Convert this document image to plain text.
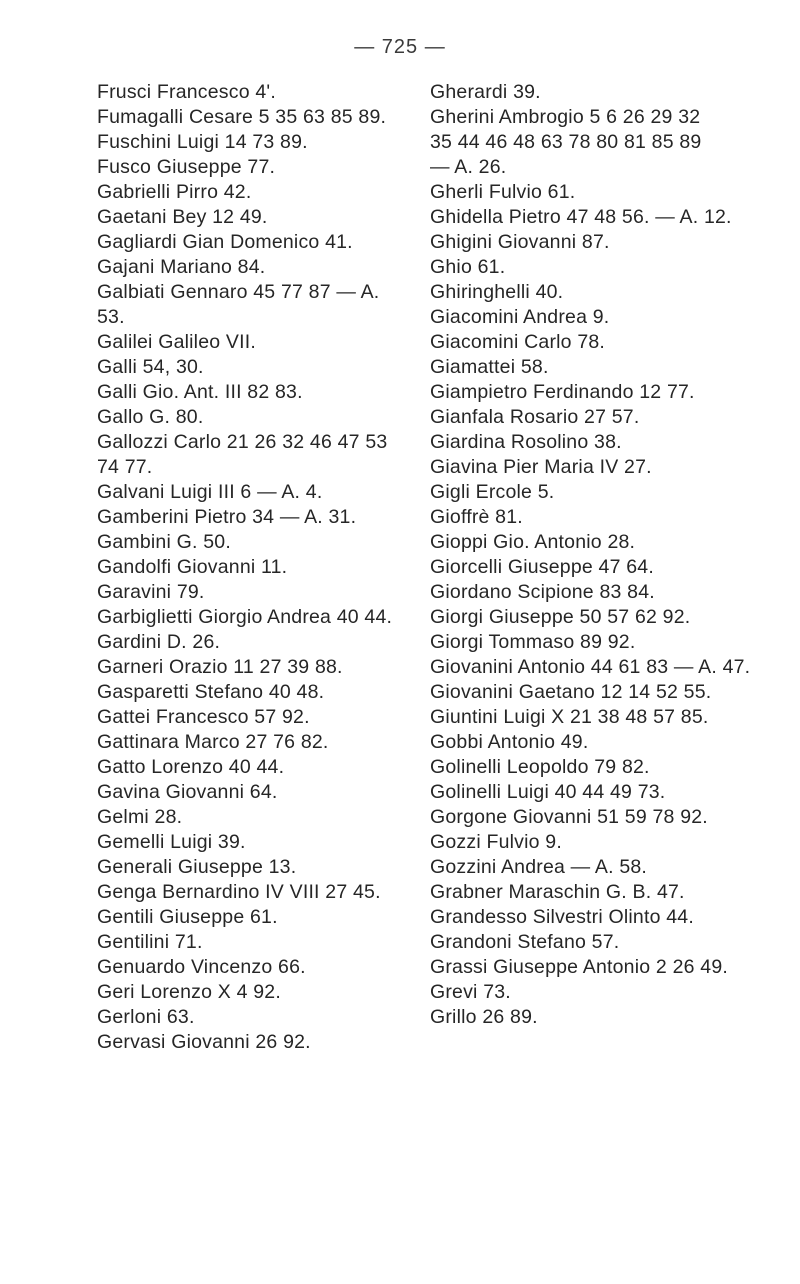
— 725 —
Frusci Francesco 4'.
Fumagalli Cesare 5 35 63 85 89.
Fuschini Luigi 14 73 89.
Fusco Giuseppe 77.
Gabrielli Pirro 42.
Gaetani Bey 12 49.
Gagliardi Gian Domenico 41.
Gajani Mariano 84.
Galbiati Gennaro 45 77 87 — A. 53.
Galilei Galileo VII.
Galli 54, 30.
Galli Gio. Ant. III 82 83.
Gallo G. 80.
Gallozzi Carlo 21 26 32 46 47 53
74 77.
Galvani Luigi III 6 — A. 4.
Gamberini Pietro 34 — A. 31.
Gambini G. 50.
Gandolfi Giovanni 11.
Garavini 79.
Garbiglietti Giorgio Andrea 40 44.
Gardini D. 26.
Garneri Orazio 11 27 39 88.
Gasparetti Stefano 40 48.
Gattei Francesco 57 92.
Gattinara Marco 27 76 82.
Gatto Lorenzo 40 44.
Gavina Giovanni 64.
Gelmi 28.
Gemelli Luigi 39.
Generali Giuseppe 13.
Genga Bernardino IV VIII 27 45.
Gentili Giuseppe 61.
Gentilini 71.
Genuardo Vincenzo 66.
Geri Lorenzo X 4 92.
Gerloni 63.
Gervasi Giovanni 26 92.
Gherardi 39.
Gherini Ambrogio 5 6 26 29 32
35 44 46 48 63 78 80 81 85 89
— A. 26.
Gherli Fulvio 61.
Ghidella Pietro 47 48 56. — A. 12.
Ghigini Giovanni 87.
Ghio 61.
Ghiringhelli 40.
Giacomini Andrea 9.
Giacomini Carlo 78.
Giamattei 58.
Giampietro Ferdinando 12 77.
Gianfala Rosario 27 57.
Giardina Rosolino 38.
Giavina Pier Maria IV 27.
Gigli Ercole 5.
Gioffrè 81.
Gioppi Gio. Antonio 28.
Giorcelli Giuseppe 47 64.
Giordano Scipione 83 84.
Giorgi Giuseppe 50 57 62 92.
Giorgi Tommaso 89 92.
Giovanini Antonio 44 61 83 — A. 47.
Giovanini Gaetano 12 14 52 55.
Giuntini Luigi X 21 38 48 57 85.
Gobbi Antonio 49.
Golinelli Leopoldo 79 82.
Golinelli Luigi 40 44 49 73.
Gorgone Giovanni 51 59 78 92.
Gozzi Fulvio 9.
Gozzini Andrea — A. 58.
Grabner Maraschin G. B. 47.
Grandesso Silvestri Olinto 44.
Grandoni Stefano 57.
Grassi Giuseppe Antonio 2 26 49.
Grevi 73.
Grillo 26 89.
